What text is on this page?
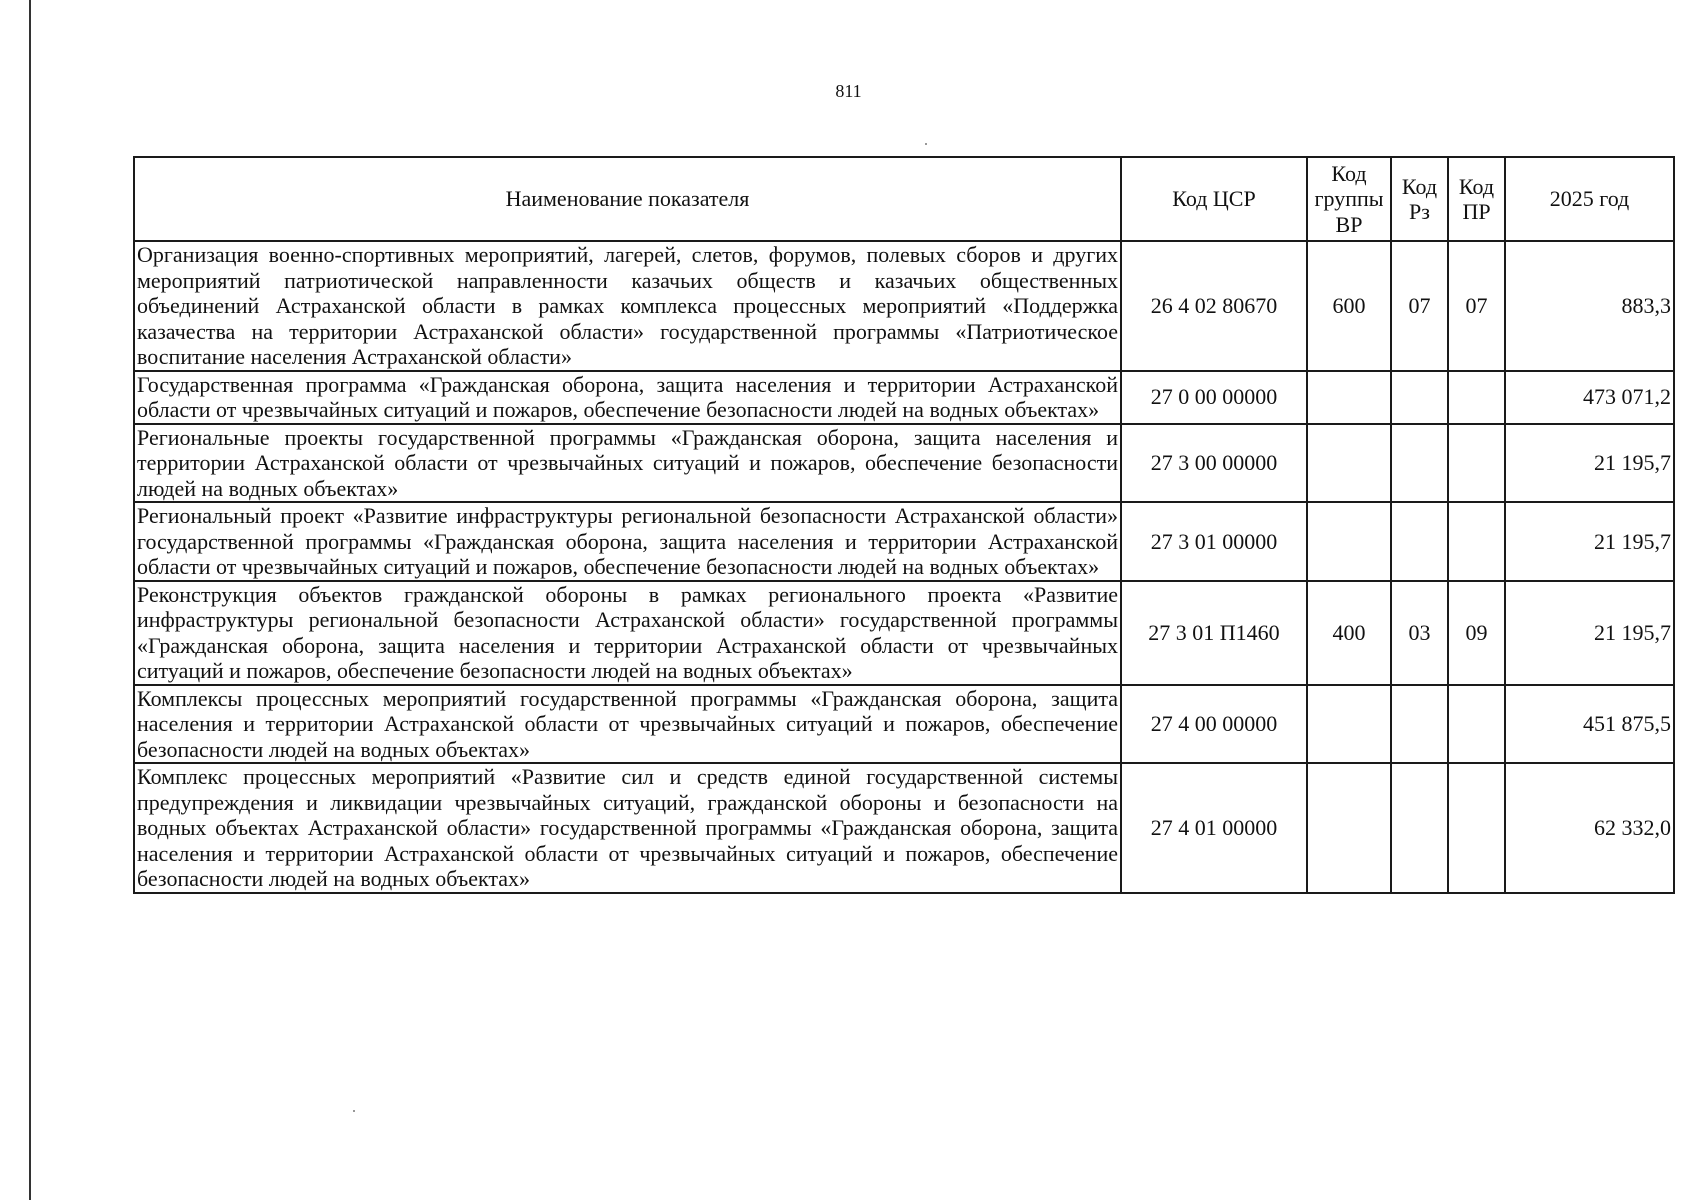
811
Наименование показателя	Код ЦСР	Код группы ВР	Код Рз	Код ПР	2025 год
Организация военно-спортивных мероприятий, лагерей, слетов, форумов, полевых сборов и других мероприятий патриотической направленности казачьих обществ и казачьих общественных объединений Астраханской области в рамках комплекса процессных мероприятий «Поддержка казачества на территории Астраханской области» государственной программы «Патриотическое воспитание населения Астраханской области»	26 4 02 80670	600	07	07	883,3
Государственная программа «Гражданская оборона, защита населения и территории Астраханской области от чрезвычайных ситуаций и пожаров, обеспечение безопасности людей на водных объектах»	27 0 00 00000				473 071,2
Региональные проекты государственной программы «Гражданская оборона, защита населения и территории Астраханской области от чрезвычайных ситуаций и пожаров, обеспечение безопасности людей на водных объектах»	27 3 00 00000				21 195,7
Региональный проект «Развитие инфраструктуры региональной безопасности Астраханской области» государственной программы «Гражданская оборона, защита населения и территории Астраханской области от чрезвычайных ситуаций и пожаров, обеспечение безопасности людей на водных объектах»	27 3 01 00000				21 195,7
Реконструкция объектов гражданской обороны в рамках регионального проекта «Развитие инфраструктуры региональной безопасности Астраханской области» государственной программы «Гражданская оборона, защита населения и территории Астраханской области от чрезвычайных ситуаций и пожаров, обеспечение безопасности людей на водных объектах»	27 3 01 П1460	400	03	09	21 195,7
Комплексы процессных мероприятий государственной программы «Гражданская оборона, защита населения и территории Астраханской области от чрезвычайных ситуаций и пожаров, обеспечение безопасности людей на водных объектах»	27 4 00 00000				451 875,5
Комплекс процессных мероприятий «Развитие сил и средств единой государственной системы предупреждения и ликвидации чрезвычайных ситуаций, гражданской обороны и безопасности на водных объектах Астраханской области» государственной программы «Гражданская оборона, защита населения и территории Астраханской области от чрезвычайных ситуаций и пожаров, обеспечение безопасности людей на водных объектах»	27 4 01 00000				62 332,0
